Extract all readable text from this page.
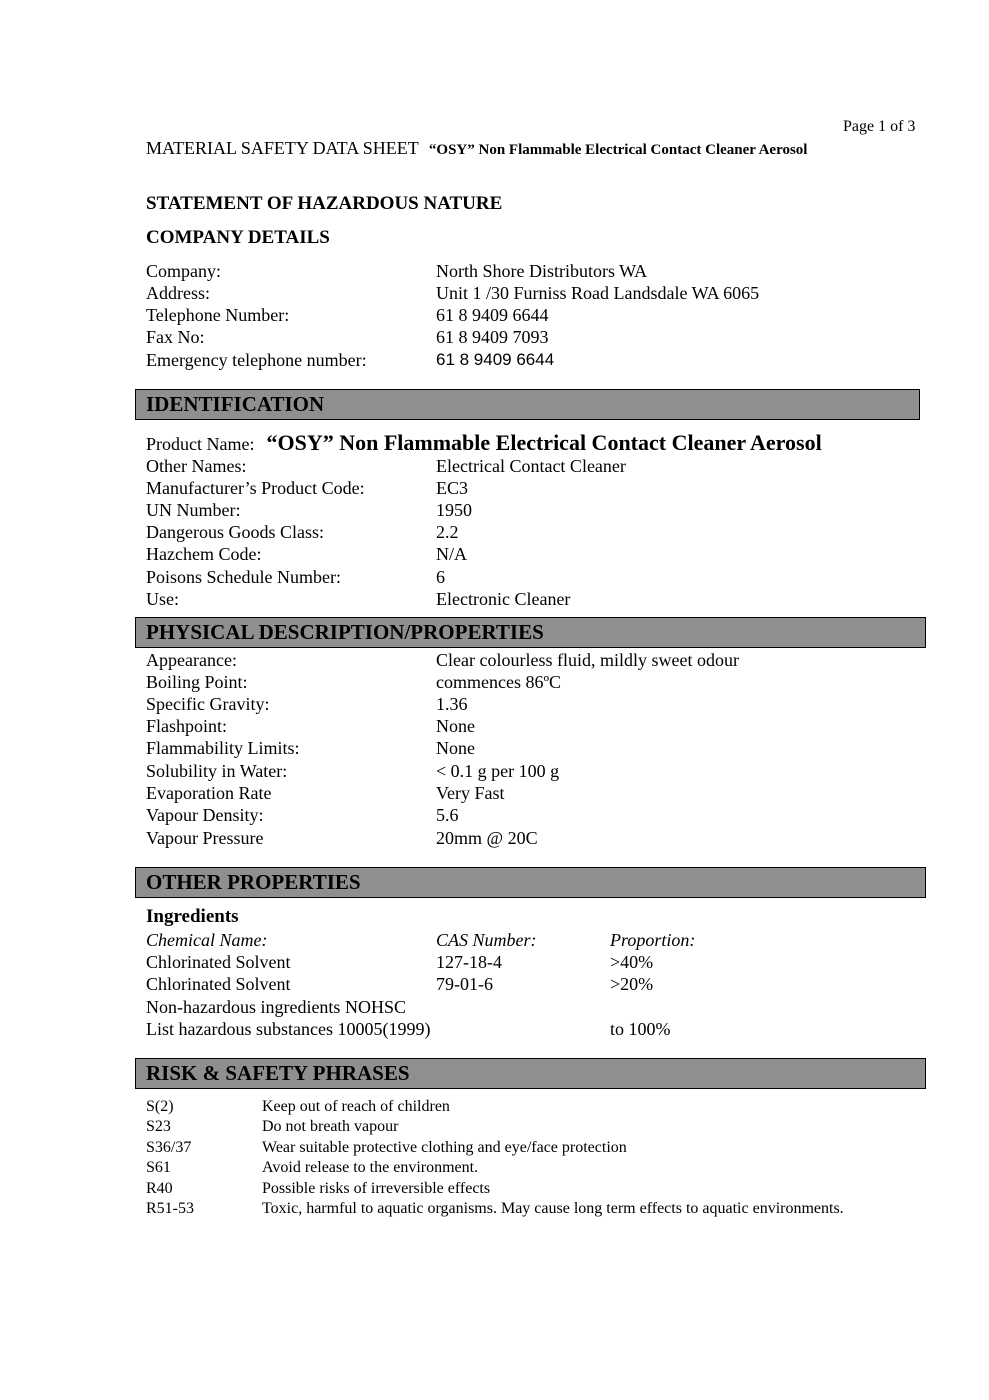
Page 1 of 3
MATERIAL SAFETY DATA SHEET “OSY” Non Flammable Electrical Contact Cleaner Aerosol
STATEMENT OF HAZARDOUS NATURE
COMPANY DETAILS
Company:	North Shore Distributors WA
Address:	Unit 1 /30 Furniss Road Landsdale WA 6065
Telephone Number:	61 8 9409 6644
Fax No:	61 8 9409 7093
Emergency telephone number:	61 8 9409 6644
IDENTIFICATION
Product Name: “OSY” Non Flammable Electrical Contact Cleaner Aerosol
Other Names:	Electrical Contact Cleaner
Manufacturer’s Product Code:	EC3
UN Number:	1950
Dangerous Goods Class:	2.2
Hazchem Code:	N/A
Poisons Schedule Number:	6
Use:	Electronic Cleaner
PHYSICAL DESCRIPTION/PROPERTIES
Appearance:	Clear colourless fluid, mildly sweet odour
Boiling Point:	commences 86ºC
Specific Gravity:	1.36
Flashpoint:	None
Flammability Limits:	None
Solubility in Water:	< 0.1 g per 100 g
Evaporation Rate	Very Fast
Vapour Density:	5.6
Vapour Pressure	20mm @ 20C
OTHER PROPERTIES
Ingredients
Chemical Name:	CAS Number:	Proportion:
Chlorinated Solvent	127-18-4	>40%
Chlorinated Solvent	79-01-6	>20%
Non-hazardous ingredients NOHSC
List hazardous substances 10005(1999)	to 100%
RISK & SAFETY PHRASES
S(2)	Keep out of reach of children
S23	Do not breath vapour
S36/37	Wear suitable protective clothing and eye/face protection
S61	Avoid release to the environment.
R40	Possible risks of irreversible effects
R51-53	Toxic, harmful to aquatic organisms. May cause long term effects to aquatic environments.
